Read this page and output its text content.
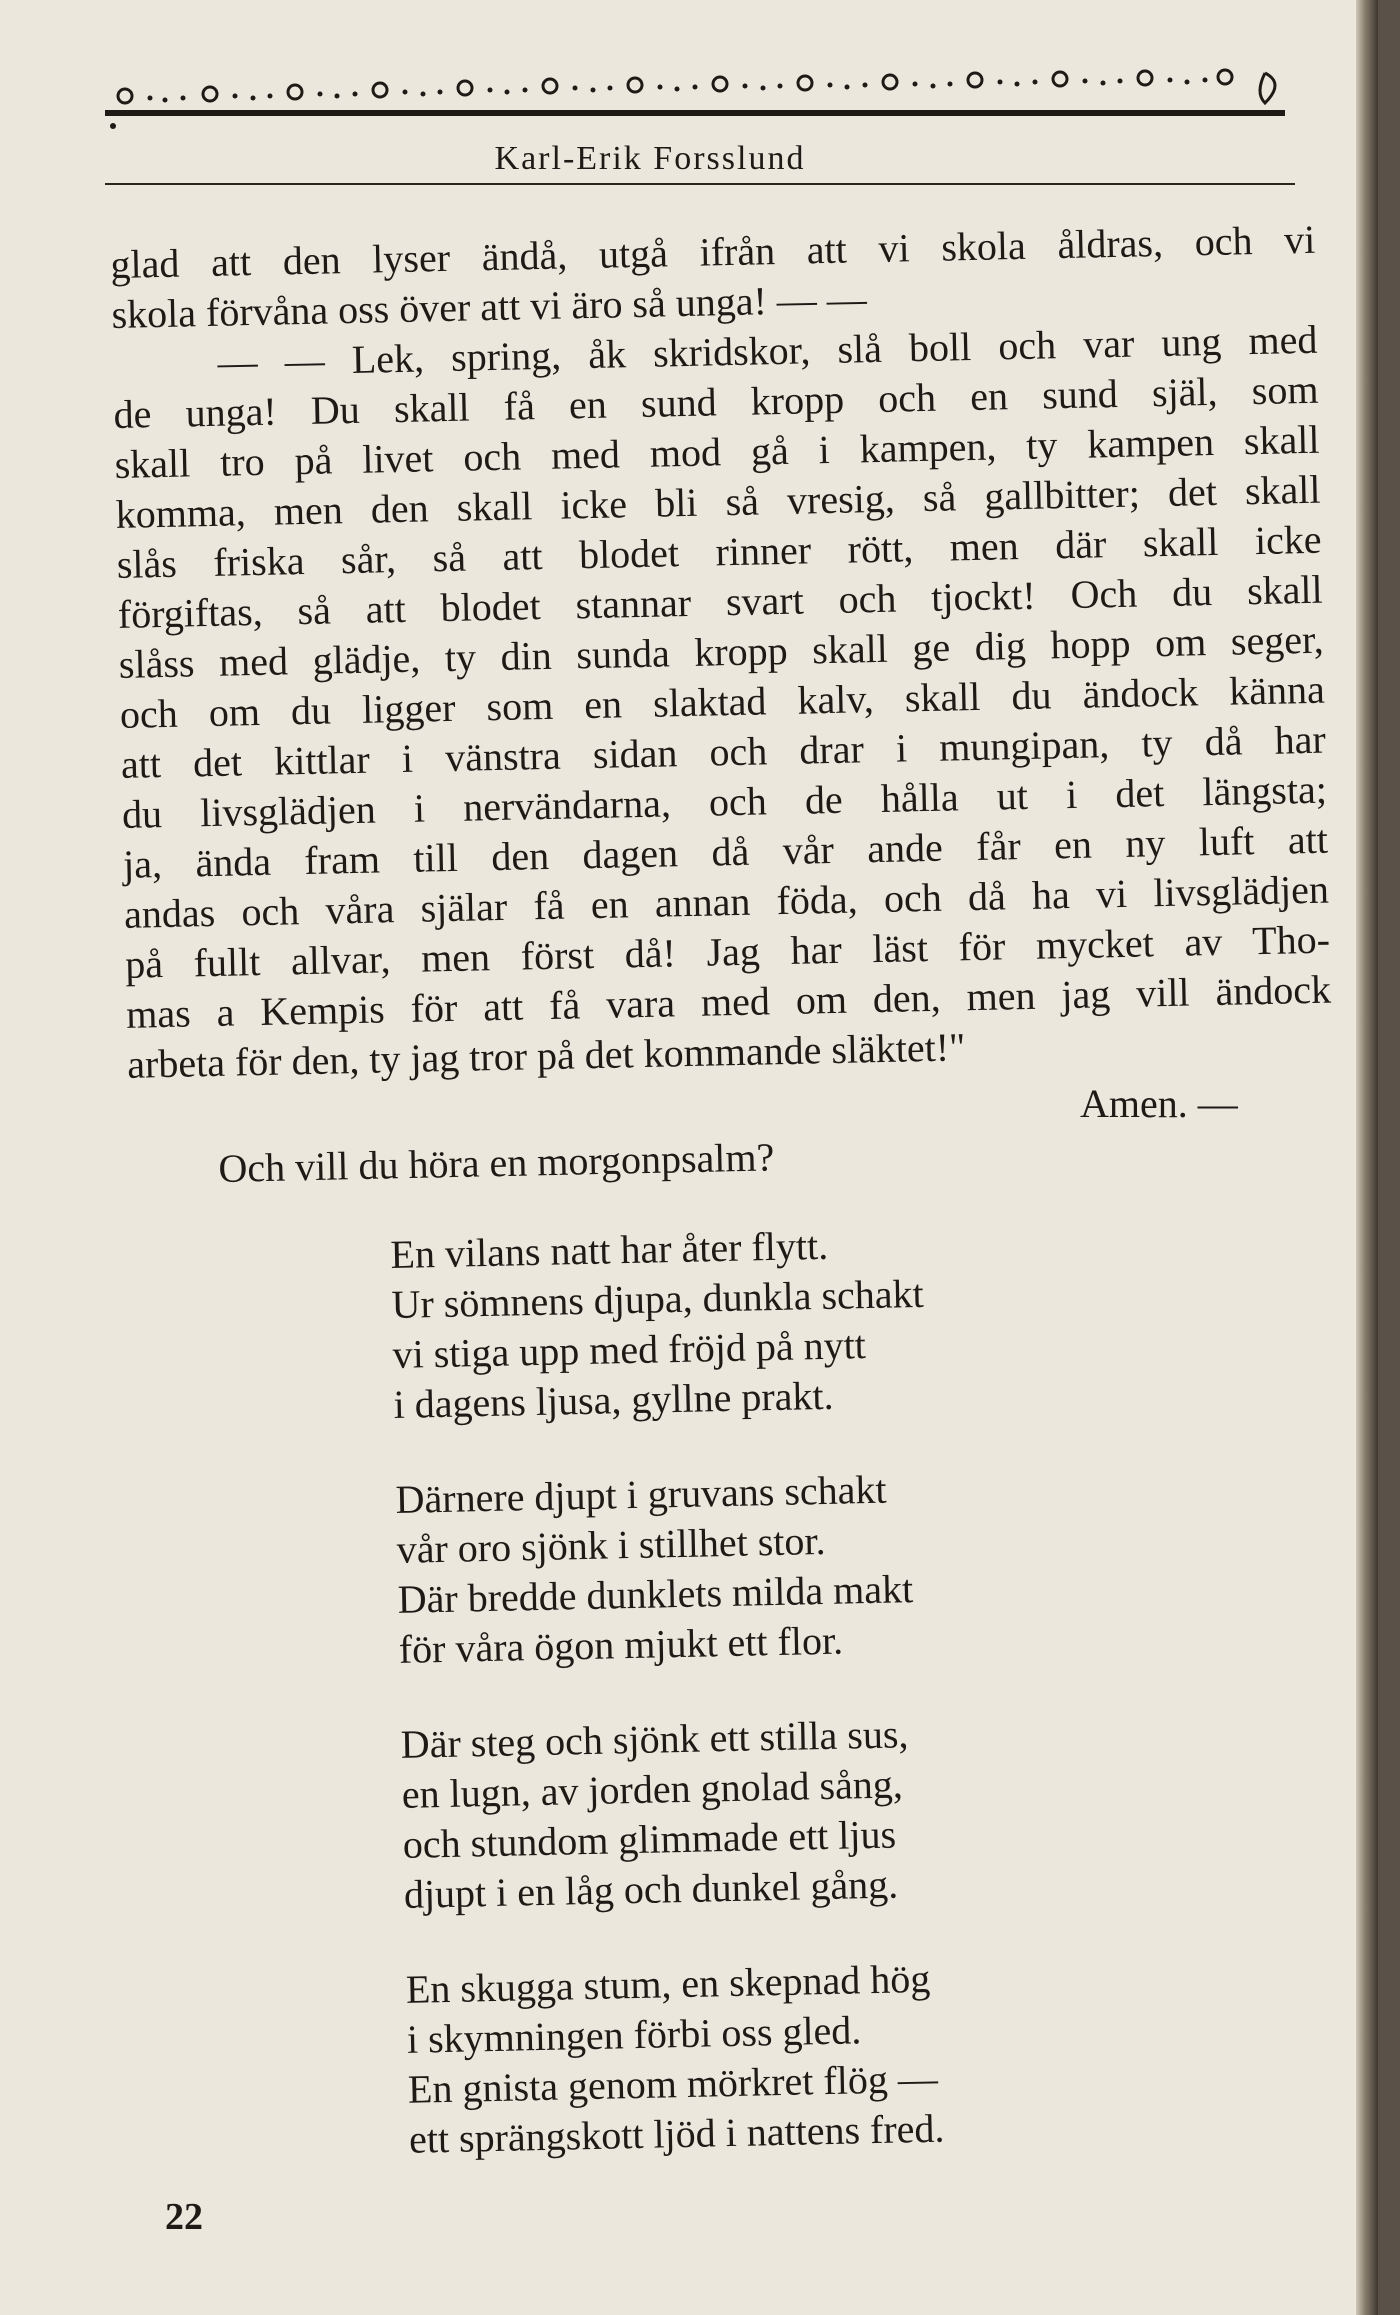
Karl-Erik Forsslund

glad att den lyser ändå, utgå ifrån att vi skola åldras, och vi
skola förvåna oss över att vi äro så unga! — —

— — Lek, spring, åk skridskor, slå boll och var ung med
de unga! Du skall få en sund kropp och en sund själ, som
skall tro på livet och med mod gå i kampen, ty kampen skall
komma, men den skall icke bli så vresig, så gallbitter; det skall
slås friska sår, så att blodet rinner rött, men där skall icke
förgiftas, så att blodet stannar svart och tjockt! Och du skall
slåss med glädje, ty din sunda kropp skall ge dig hopp om seger,
och om du ligger som en slaktad kalv, skall du ändock känna
att det kittlar i vänstra sidan och drar i mungipan, ty då har
du livsglädjen i nervändarna, och de hålla ut i det längsta;
ja, ända fram till den dagen då vår ande får en ny luft att
andas och våra själar få en annan föda, och då ha vi livsglädjen
på fullt allvar, men först då! Jag har läst för mycket av Tho-
mas a Kempis för att få vara med om den, men jag vill ändock
arbeta för den, ty jag tror på det kommande släktet!"

Amen. —
Och vill du höra en morgonpsalm?
En vilans natt har åter flytt.
Ur sömnens djupa, dunkla schakt
vi stiga upp med fröjd på nytt
i dagens ljusa, gyllne prakt.
Därnere djupt i gruvans schakt
vår oro sjönk i stillhet stor.
Där bredde dunklets milda makt
för våra ögon mjukt ett flor.
Där steg och sjönk ett stilla sus,
en lugn, av jorden gnolad sång,
och stundom glimmade ett ljus
djupt i en låg och dunkel gång.
En skugga stum, en skepnad hög
i skymningen förbi oss gled.
En gnista genom mörkret flög —
ett sprängskott ljöd i nattens fred.
22
